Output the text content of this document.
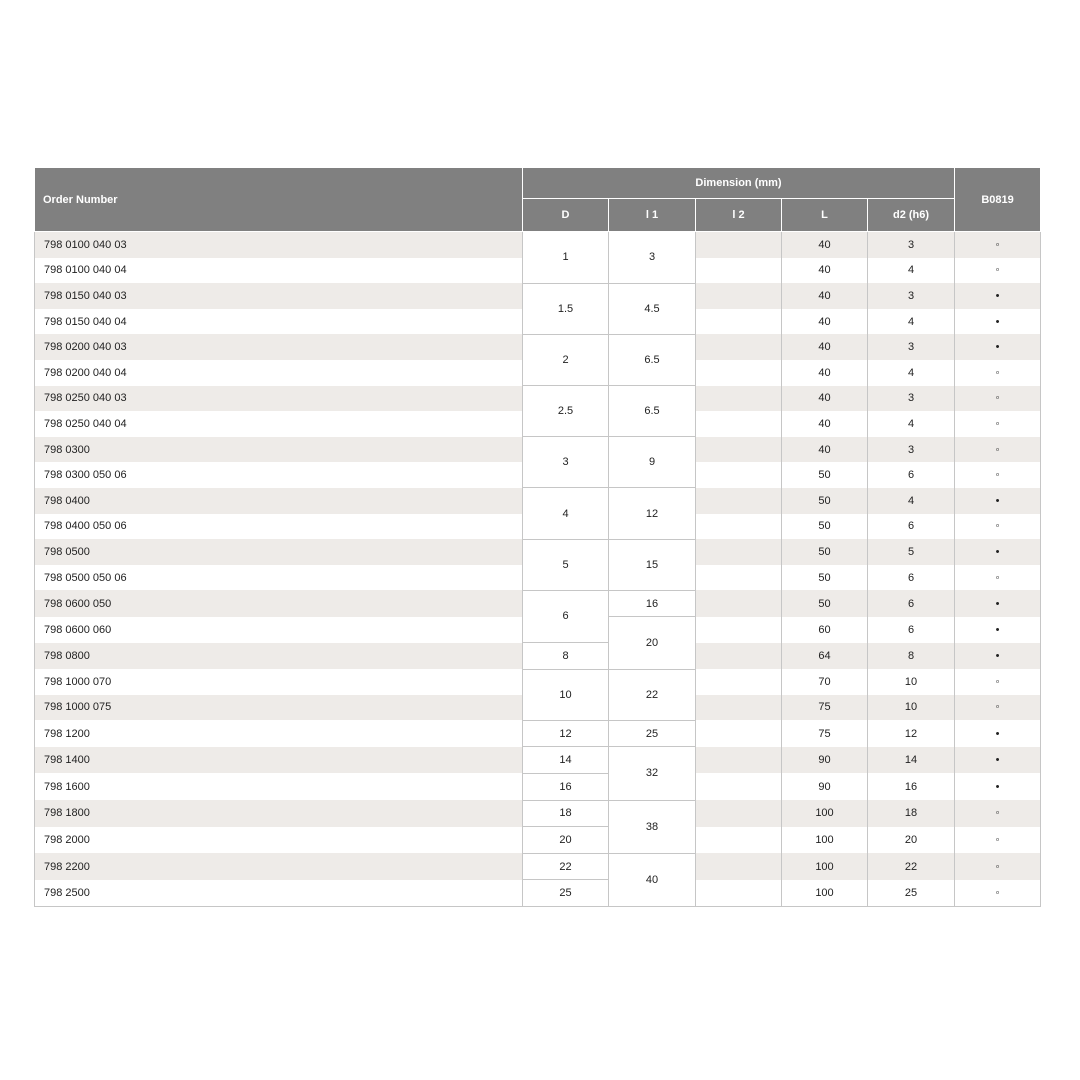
Order Number	Dimension (mm)					B0819
	D	l 1	l 2	L	d2 (h6)	
798 0100 040 03	1	3		40	3	◦
798 0100 040 04				40	4	◦
798 0150 040 03	1.5	4.5		40	3	•
798 0150 040 04				40	4	•
798 0200 040 03	2	6.5		40	3	•
798 0200 040 04				40	4	◦
798 0250 040 03	2.5	6.5		40	3	◦
798 0250 040 04				40	4	◦
798 0300	3	9		40	3	◦
798 0300 050 06				50	6	◦
798 0400	4	12		50	4	•
798 0400 050 06				50	6	◦
798 0500	5	15		50	5	•
798 0500 050 06				50	6	◦
798 0600 050	6	16		50	6	•
798 0600 060		20		60	6	•
798 0800	8			64	8	•
798 1000 070	10	22		70	10	◦
798 1000 075				75	10	◦
798 1200	12	25		75	12	•
798 1400	14	32		90	14	•
798 1600	16			90	16	•
798 1800	18	38		100	18	◦
798 2000	20			100	20	◦
798 2200	22	40		100	22	◦
798 2500	25			100	25	◦
